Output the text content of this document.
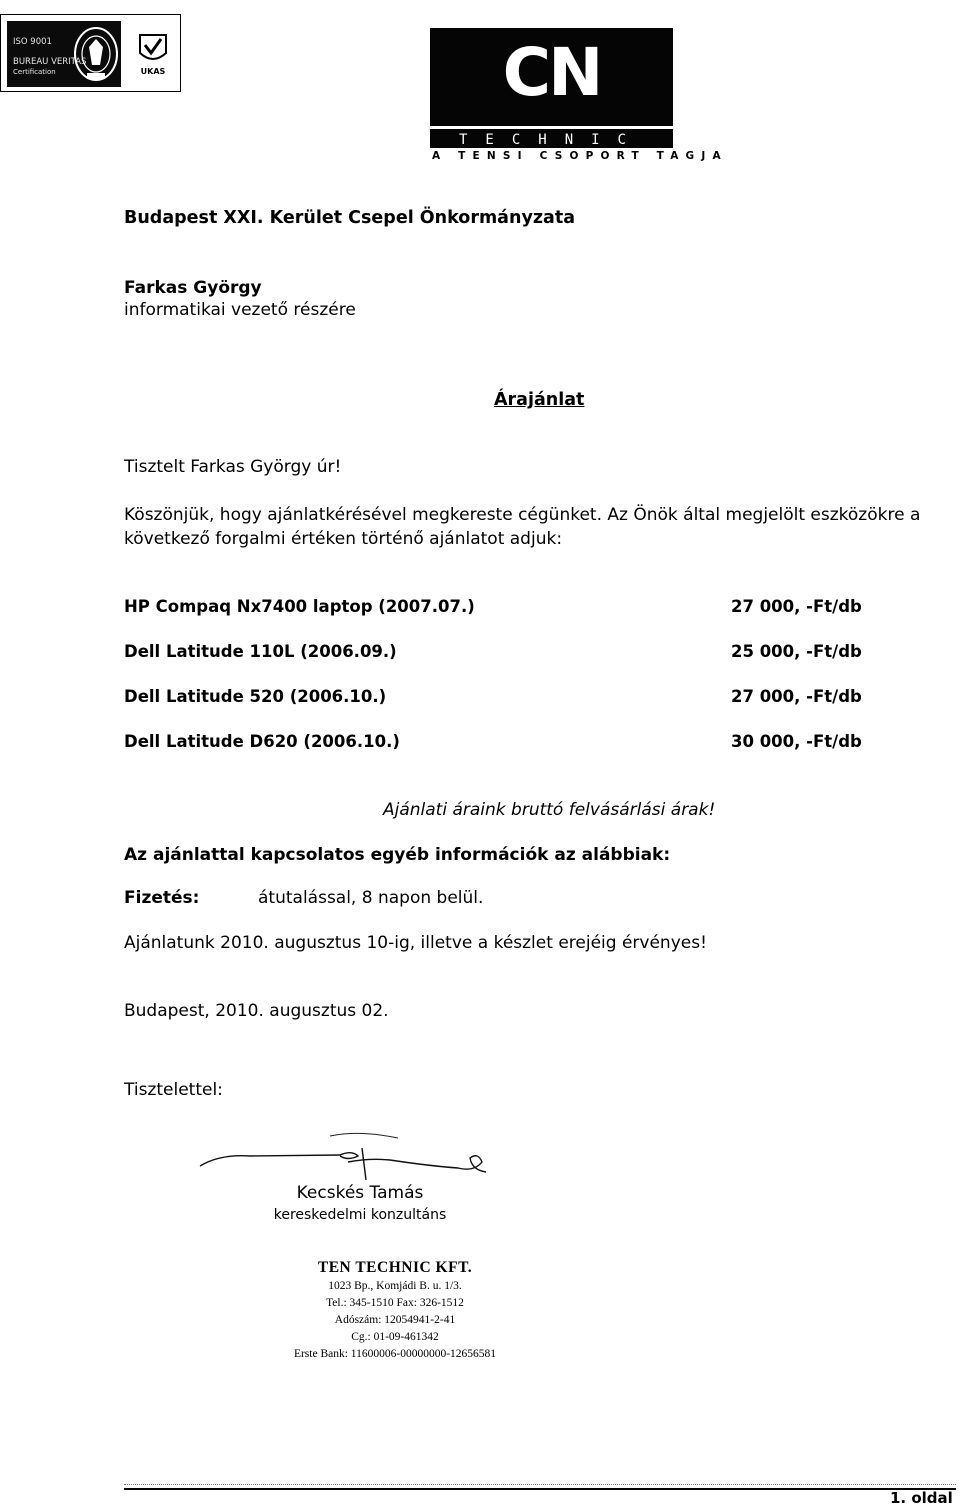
ISO 9001
BUREAU VERITAS
Certification	UKAS	CN
TECHNIC
A TENSI CSOPORT TAGJA
Budapest XXI. Kerület Csepel Önkormányzata
Farkas György
informatikai vezető részére
Árajánlat
Tisztelt Farkas György úr!
Köszönjük, hogy ajánlatkérésével megkereste cégünket. Az Önök által megjelölt eszközökre a
következő forgalmi értéken történő ajánlatot adjuk:
HP Compaq Nx7400 laptop (2007.07.)	27 000, -Ft/db
Dell Latitude 110L (2006.09.)	25 000, -Ft/db
Dell Latitude 520 (2006.10.)	27 000, -Ft/db
Dell Latitude D620 (2006.10.)	30 000, -Ft/db
Ajánlati áraink bruttó felvásárlási árak!
Az ajánlattal kapcsolatos egyéb információk az alábbiak:
Fizetés:	átutalással, 8 napon belül.
Ajánlatunk 2010. augusztus 10-ig, illetve a készlet erejéig érvényes!
Budapest, 2010. augusztus 02.
Tisztelettel:
Kecskés Tamás
kereskedelmi konzultáns
TEN TECHNIC KFT.
1023 Bp., Komjádi B. u. 1/3.
Tel.: 345-1510 Fax: 326-1512
Adószám: 12054941-2-41
Cg.: 01-09-461342
Erste Bank: 11600006-00000000-12656581
1. oldal
